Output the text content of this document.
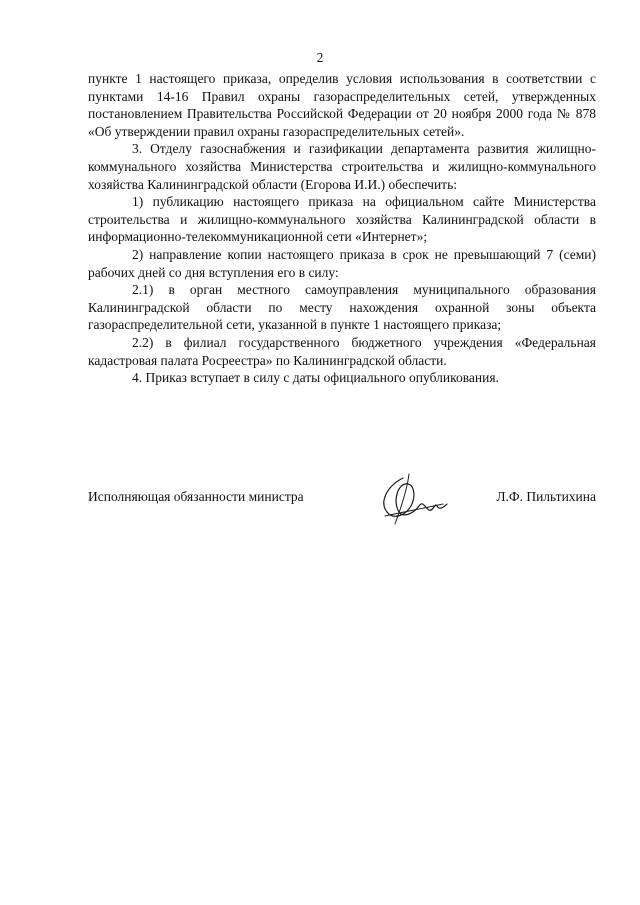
2

пункте 1 настоящего приказа, определив условия использования в соответствии с пунктами 14-16 Правил охраны газораспределительных сетей, утвержденных постановлением Правительства Российской Федерации от 20 ноября 2000 года № 878 «Об утверждении правил охраны газораспределительных сетей».

3. Отделу газоснабжения и газификации департамента развития жилищно-коммунального хозяйства Министерства строительства и жилищно-коммунального хозяйства Калининградской области (Егорова И.И.) обеспечить:

1) публикацию настоящего приказа на официальном сайте Министерства строительства и жилищно-коммунального хозяйства Калининградской области в информационно-телекоммуникационной сети «Интернет»;

2) направление копии настоящего приказа в срок не превышающий 7 (семи) рабочих дней со дня вступления его в силу:

2.1) в орган местного самоуправления муниципального образования Калининградской области по месту нахождения охранной зоны объекта газораспределительной сети, указанной в пункте 1 настоящего приказа;

2.2) в филиал государственного бюджетного учреждения «Федеральная кадастровая палата Росреестра» по Калининградской области.

4. Приказ вступает в силу с даты официального опубликования.

Исполняющая обязанности министра	Л.Ф. Пильтихина
